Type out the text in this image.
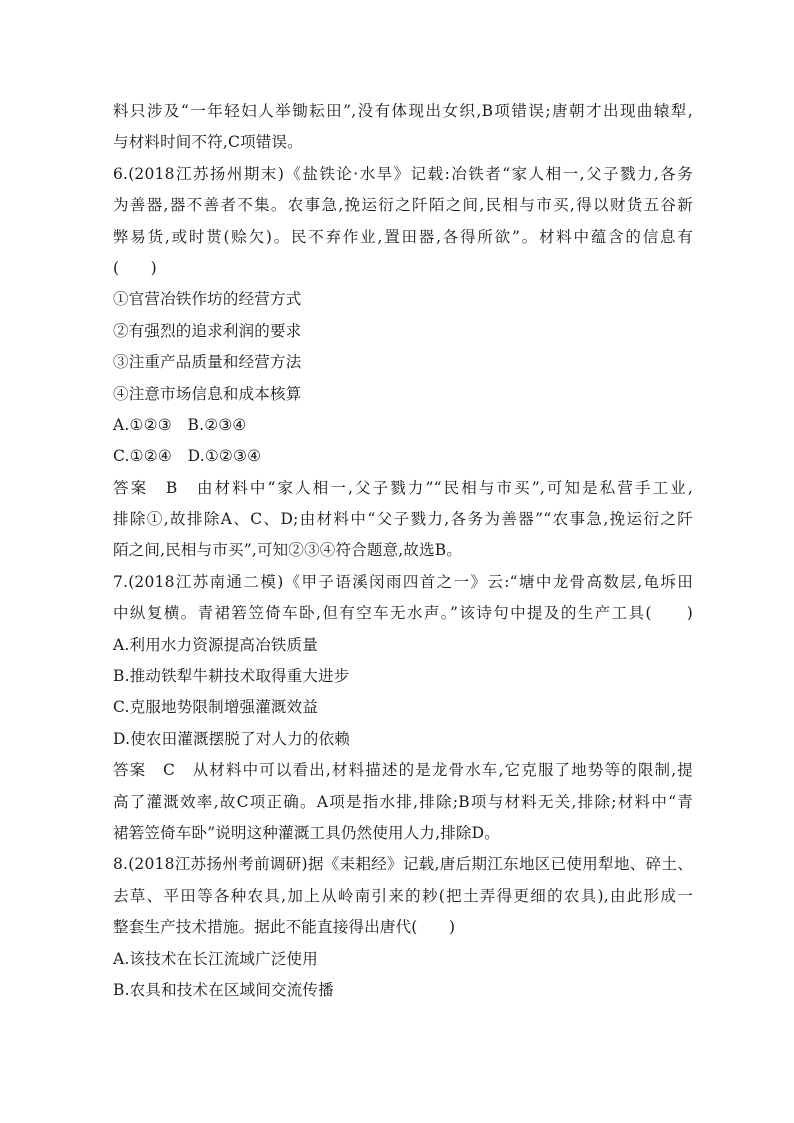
料只涉及“一年轻妇人举锄耘田”,没有体现出女织,B项错误;唐朝才出现曲辕犁,
与材料时间不符,C项错误。
6.(2018江苏扬州期末)《盐铁论·水旱》记载:冶铁者“家人相一,父子戮力,各务
为善器,器不善者不集。农事急,挽运衍之阡陌之间,民相与市买,得以财货五谷新
弊易货,或时贳(赊欠)。民不弃作业,置田器,各得所欲”。材料中蕴含的信息有
(　　)
①官营冶铁作坊的经营方式
②有强烈的追求利润的要求
③注重产品质量和经营方法
④注意市场信息和成本核算
A.①②③　B.②③④
C.①②④　D.①②③④
答案　B　由材料中“家人相一,父子戮力”“民相与市买”,可知是私营手工业,
排除①,故排除A、C、D;由材料中“父子戮力,各务为善器”“农事急,挽运衍之阡
陌之间,民相与市买”,可知②③④符合题意,故选B。
7.(2018江苏南通二模)《甲子语溪闵雨四首之一》云:“塘中龙骨高数层,龟坼田
中纵复横。青裙箬笠倚车卧,但有空车无水声。”该诗句中提及的生产工具(　　)
A.利用水力资源提高冶铁质量
B.推动铁犁牛耕技术取得重大进步
C.克服地势限制增强灌溉效益
D.使农田灌溉摆脱了对人力的依赖
答案　C　从材料中可以看出,材料描述的是龙骨水车,它克服了地势等的限制,提
高了灌溉效率,故C项正确。A项是指水排,排除;B项与材料无关,排除;材料中“青
裙箬笠倚车卧”说明这种灌溉工具仍然使用人力,排除D。
8.(2018江苏扬州考前调研)据《耒耜经》记载,唐后期江东地区已使用犁地、碎土、
去草、平田等各种农具,加上从岭南引来的耖(把土弄得更细的农具),由此形成一
整套生产技术措施。据此不能直接得出唐代(　　)
A.该技术在长江流域广泛使用
B.农具和技术在区域间交流传播
